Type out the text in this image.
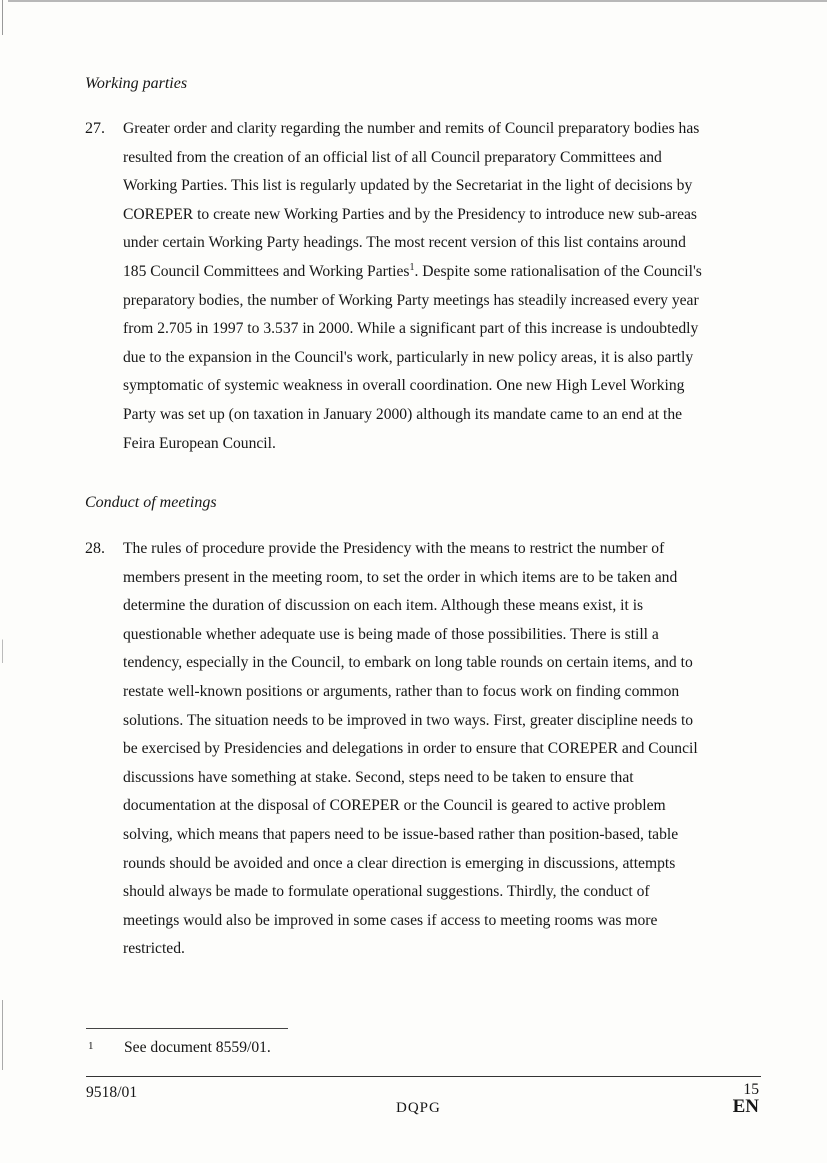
Working parties
27. Greater order and clarity regarding the number and remits of Council preparatory bodies has
resulted from the creation of an official list of all Council preparatory Committees and
Working Parties. This list is regularly updated by the Secretariat in the light of decisions by
COREPER to create new Working Parties and by the Presidency to introduce new sub-areas
under certain Working Party headings. The most recent version of this list contains around
185 Council Committees and Working Parties$^1$. Despite some rationalisation of the Council's
preparatory bodies, the number of Working Party meetings has steadily increased every year
from 2.705 in 1997 to 3.537 in 2000. While a significant part of this increase is undoubtedly
due to the expansion in the Council's work, particularly in new policy areas, it is also partly
symptomatic of systemic weakness in overall coordination. One new High Level Working
Party was set up (on taxation in January 2000) although its mandate came to an end at the
Feira European Council.
Conduct of meetings
28. The rules of procedure provide the Presidency with the means to restrict the number of
members present in the meeting room, to set the order in which items are to be taken and
determine the duration of discussion on each item. Although these means exist, it is
questionable whether adequate use is being made of those possibilities. There is still a
tendency, especially in the Council, to embark on long table rounds on certain items, and to
restate well-known positions or arguments, rather than to focus work on finding common
solutions. The situation needs to be improved in two ways. First, greater discipline needs to
be exercised by Presidencies and delegations in order to ensure that COREPER and Council
discussions have something at stake. Second, steps need to be taken to ensure that
documentation at the disposal of COREPER or the Council is geared to active problem
solving, which means that papers need to be issue-based rather than position-based, table
rounds should be avoided and once a clear direction is emerging in discussions, attempts
should always be made to formulate operational suggestions. Thirdly, the conduct of
meetings would also be improved in some cases if access to meeting rooms was more
restricted.
1 See document 8559/01.
9518/01
DQPG
15
EN
